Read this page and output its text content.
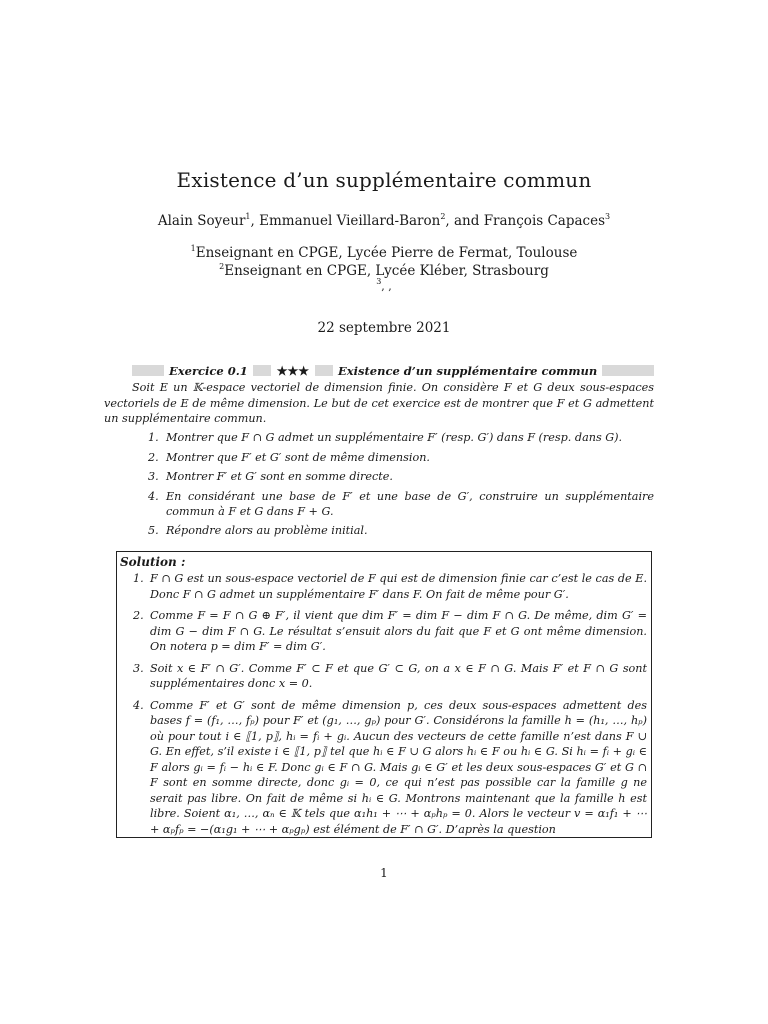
Existence d’un supplémentaire commun
Alain Soyeur$^1$, Emmanuel Vieillard-Baron$^2$, and François Capaces$^3$
$^1$Enseignant en CPGE, Lycée Pierre de Fermat, Toulouse
$^2$Enseignant en CPGE, Lycée Kléber, Strasbourg
$^3$, ,
22 septembre 2021
Exercice 0.1	★★★	Existence d’un supplémentaire commun

Soit E un 𝕂-espace vectoriel de dimension finie. On considère F et G deux sous-espaces vectoriels de E de même dimension. Le but de cet exercice est de montrer que F et G admettent un supplémentaire commun.

1. Montrer que F ∩ G admet un supplémentaire F′ (resp. G′) dans F (resp. dans G).
2. Montrer que F′ et G′ sont de même dimension.
3. Montrer F′ et G′ sont en somme directe.
4. En considérant une base de F′ et une base de G′, construire un supplémentaire commun à F et G dans F + G.
5. Répondre alors au problème initial.
Solution :
1. F ∩ G est un sous-espace vectoriel de F qui est de dimension finie car c’est le cas de E. Donc F ∩ G admet un supplémentaire F′ dans F. On fait de même pour G′.
2. Comme F = F ∩ G ⊕ F′, il vient que dim F′ = dim F − dim F ∩ G. De même, dim G′ = dim G − dim F ∩ G. Le résultat s’ensuit alors du fait que F et G ont même dimension. On notera p = dim F′ = dim G′.
3. Soit x ∈ F′ ∩ G′. Comme F′ ⊂ F et que G′ ⊂ G, on a x ∈ F ∩ G. Mais F′ et F ∩ G sont supplémentaires donc x = 0.
4. Comme F′ et G′ sont de même dimension p, ces deux sous-espaces admettent des bases f = (f₁, …, fₚ) pour F′ et (g₁, …, gₚ) pour G′. Considérons la famille h = (h₁, …, hₚ) où pour tout i ∈ ⟦1, p⟧, hᵢ = fᵢ + gᵢ. Aucun des vecteurs de cette famille n’est dans F ∪ G. En effet, s’il existe i ∈ ⟦1, p⟧ tel que hᵢ ∈ F ∪ G alors hᵢ ∈ F ou hᵢ ∈ G. Si hᵢ = fᵢ + gᵢ ∈ F alors gᵢ = fᵢ − hᵢ ∈ F. Donc gᵢ ∈ F ∩ G. Mais gᵢ ∈ G′ et les deux sous-espaces G′ et G ∩ F sont en somme directe, donc gᵢ = 0, ce qui n’est pas possible car la famille g ne serait pas libre. On fait de même si hᵢ ∈ G. Montrons maintenant que la famille h est libre. Soient α₁, …, αₙ ∈ 𝕂 tels que α₁h₁ + ⋯ + αₚhₚ = 0. Alors le vecteur v = α₁f₁ + ⋯ + αₚfₚ = −(α₁g₁ + ⋯ + αₚgₚ) est élément de F′ ∩ G′. D’après la question
1
